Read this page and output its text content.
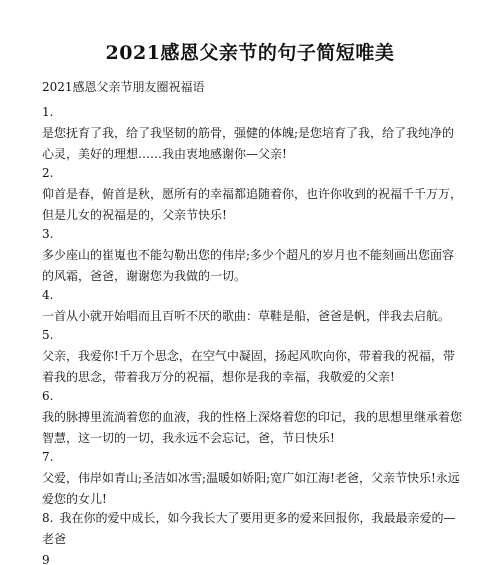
2021感恩父亲节的句子简短唯美
2021感恩父亲节朋友圈祝福语
1.
是您抚育了我，给了我坚韧的筋骨，强健的体魄;是您培育了我，给了我纯净的心灵，美好的理想……我由衷地感谢你—父亲!
2.
仰首是春，俯首是秋，愿所有的幸福都追随着你，也许你收到的祝福千千万万，但是儿女的祝福是的，父亲节快乐!
3.
多少座山的崔嵬也不能勾勒出您的伟岸;多少个超凡的岁月也不能刻画出您面容的风霜，爸爸，谢谢您为我做的一切。
4.
一首从小就开始唱而且百听不厌的歌曲：草鞋是船，爸爸是帆，伴我去启航。
5.
父亲，我爱你!千万个思念，在空气中凝固，扬起风吹向你，带着我的祝福，带着我的思念，带着我万分的祝福，想你是我的幸福，我敬爱的父亲!
6.
我的脉搏里流淌着您的血液，我的性格上深烙着您的印记，我的思想里继承着您智慧，这一切的一切，我永远不会忘记，爸，节日快乐!
7.
父爱，伟岸如青山;圣洁如冰雪;温暖如娇阳;宽广如江海!老爸，父亲节快乐!永远爱您的女儿!
8. 我在你的爱中成长，如今我长大了要用更多的爱来回报你，我最最亲爱的—老爸
9
